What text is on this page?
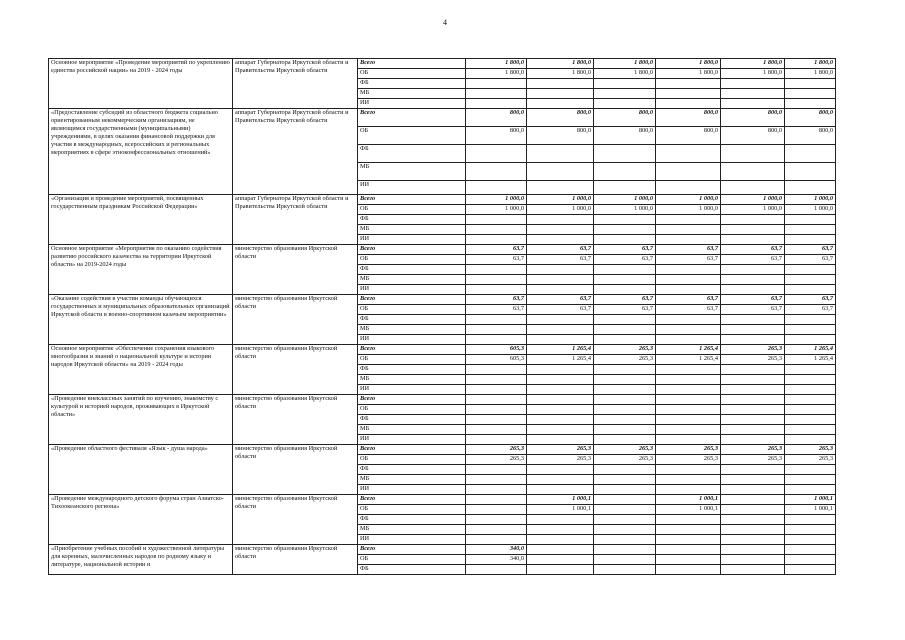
4
Основное мероприятие «Проведение мероприятий по укреплению единства российской нации» на 2019 - 2024 годы	аппарат Губернатора Иркутской области и Правительства Иркутской области	Всего	1 800,0	1 800,0	1 800,0	1 800,0	1 800,0	1 800,0
		ОБ	1 800,0	1 800,0	1 800,0	1 800,0	1 800,0	1 800,0
		ФБ						
		МБ						
		ИИ						
«Предоставление субсидий из областного бюджета социально ориентированным некоммерческим организациям, не являющимся государственными (муниципальными) учреждениями, в целях оказания финансовой поддержки для участия в международных, всероссийских и региональных мероприятиях в сфере этноконфессиональных отношений»	аппарат Губернатора Иркутской области и Правительства Иркутской области	Всего	800,0	800,0	800,0	800,0	800,0	800,0
		ОБ	800,0	800,0	800,0	800,0	800,0	800,0
		ФБ						
		МБ						
		ИИ						
«Организация и проведение мероприятий, посвященных государственным праздникам Российской Федерации»	аппарат Губернатора Иркутской области и Правительства Иркутской области	Всего	1 000,0	1 000,0	1 000,0	1 000,0	1 000,0	1 000,0
		ОБ	1 000,0	1 000,0	1 000,0	1 000,0	1 000,0	1 000,0
		ФБ						
		МБ						
		ИИ						
Основное мероприятие «Мероприятия по оказанию содействия развитию российского казачества на территории Иркутской области» на 2019-2024 годы	министерство образования Иркутской области	Всего	63,7	63,7	63,7	63,7	63,7	63,7
		ОБ	63,7	63,7	63,7	63,7	63,7	63,7
		ФБ						
		МБ						
		ИИ						
«Оказание содействия в участии команды обучающихся государственных и муниципальных образовательных организаций Иркутской области в военно-спортивном казачьем мероприятии»	министерство образования Иркутской области	Всего	63,7	63,7	63,7	63,7	63,7	63,7
		ОБ	63,7	63,7	63,7	63,7	63,7	63,7
		ФБ						
		МБ						
		ИИ						
Основное мероприятие «Обеспечение сохранения языкового многообразия и знаний о национальной культуре и истории народов Иркутской области» на 2019 - 2024 годы	министерство образования Иркутской области	Всего	605,3	1 265,4	265,3	1 265,4	265,3	1 265,4
		ОБ	605,3	1 265,4	265,3	1 265,4	265,3	1 265,4
		ФБ						
		МБ						
		ИИ						
«Проведение внеклассных занятий по изучению, знакомству с культурой и историей народов, проживающих в Иркутской области»	министерство образования Иркутской области	Всего						
		ОБ						
		ФБ						
		МБ						
		ИИ						
«Проведение областного фестиваля «Язык - душа народа»	министерство образования Иркутской области	Всего	265,3	265,3	265,3	265,3	265,3	265,3
		ОБ	265,3	265,3	265,3	265,3	265,3	265,3
		ФБ						
		МБ						
		ИИ						
«Проведение международного детского форума стран Азиатско-Тихоокеанского региона»	министерство образования Иркутской области	Всего		1 000,1		1 000,1		1 000,1
		ОБ		1 000,1		1 000,1		1 000,1
		ФБ						
		МБ						
		ИИ						
«Приобретение учебных пособий и художественной литературы для коренных, малочисленных народов по родному языку и литературе, национальной истории и	министерство образования Иркутской области	Всего	340,0					
		ОБ	340,0					
		ФБ						
